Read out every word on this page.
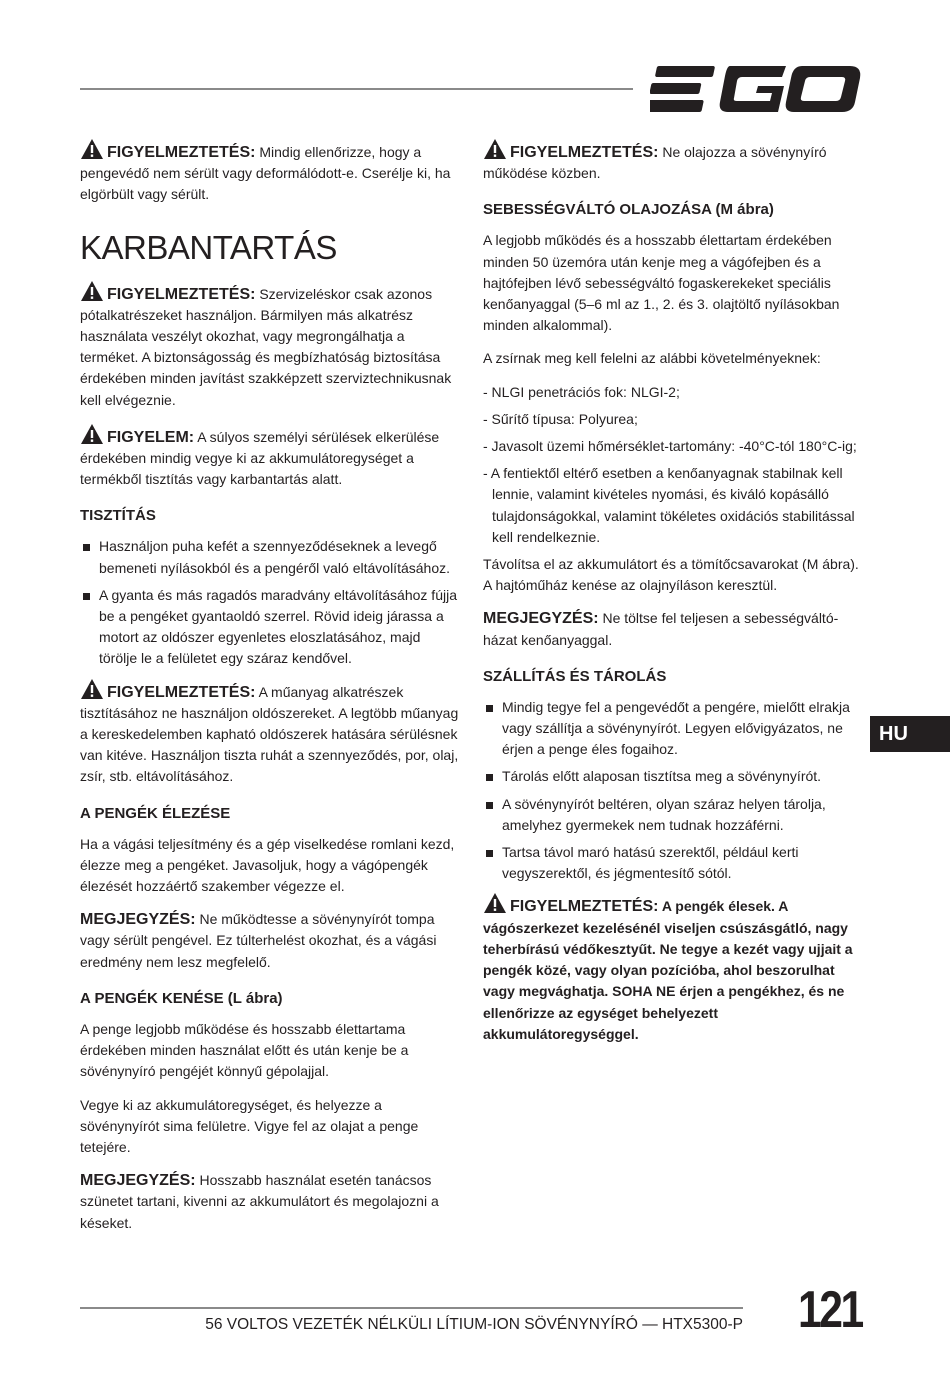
FIGYELMEZTETÉS: Mindig ellenőrizze, hogy a pengevédő nem sérült vagy deformálódott-e. Cserélje ki, ha elgörbült vagy sérült.

KARBANTARTÁS

FIGYELMEZTETÉS: Szervizeléskor csak azonos pótalkatrészeket használjon. Bármilyen más alkatrész használata veszélyt okozhat, vagy megrongálhatja a terméket. A biztonságosság és megbízhatóság biztosítása érdekében minden javítást szakképzett szerviztechnikusnak kell elvégeznie.

FIGYELEM: A súlyos személyi sérülések elkerülése érdekében mindig vegye ki az akkumulátoregységet a termékből tisztítás vagy karbantartás alatt.

TISZTÍTÁS
Használjon puha kefét a szennyeződéseknek a levegő bemeneti nyílásokból és a pengéről való eltávolításához.
A gyanta és más ragadós maradvány eltávolításához fújja be a pengéket gyantaoldó szerrel. Rövid ideig járassa a motort az oldószer egyenletes eloszlatásához, majd törölje le a felületet egy száraz kendővel.

FIGYELMEZTETÉS: A műanyag alkatrészek tisztításához ne használjon oldószereket. A legtöbb műanyag a kereskedelemben kapható oldószerek hatására sérülésnek van kitéve. Használjon tiszta ruhát a szennyeződés, por, olaj, zsír, stb. eltávolításához.

A PENGÉK ÉLEZÉSE

Ha a vágási teljesítmény és a gép viselkedése romlani kezd, élezze meg a pengéket. Javasoljuk, hogy a vágópengék élezését hozzáértő szakember végezze el.

MEGJEGYZÉS: Ne működtesse a sövénynyírót tompa vagy sérült pengével. Ez túlterhelést okozhat, és a vágási eredmény nem lesz megfelelő.

A PENGÉK KENÉSE (L ábra)

A penge legjobb működése és hosszabb élettartama érdekében minden használat előtt és után kenje be a sövénynyíró pengéjét könnyű gépolajjal.

Vegye ki az akkumulátoregységet, és helyezze a sövénynyírót sima felületre. Vigye fel az olajat a penge tetejére.

MEGJEGYZÉS: Hosszabb használat esetén tanácsos szünetet tartani, kivenni az akkumulátort és megolajozni a késeket.

FIGYELMEZTETÉS: Ne olajozza a sövénynyíró működése közben.

SEBESSÉGVÁLTÓ OLAJOZÁSA (M ábra)

A legjobb működés és a hosszabb élettartam érdekében minden 50 üzemóra után kenje meg a vágófejben és a hajtófejben lévő sebességváltó fogaskerekeket speciális kenőanyaggal (5–6 ml az 1., 2. és 3. olajtöltő nyílásokban minden alkalommal).

A zsírnak meg kell felelni az alábbi követelményeknek:

- NLGI penetrációs fok: NLGI-2;
- Sűrítő típusa: Polyurea;
- Javasolt üzemi hőmérséklet-tartomány: -40°C-tól 180°C-ig;
- A fentiektől eltérő esetben a kenőanyagnak stabilnak kell lennie, valamint kivételes nyomási, és kiváló kopásálló tulajdonságokkal, valamint tökéletes oxidációs stabilitással kell rendelkeznie.

Távolítsa el az akkumulátort és a tömítőcsavarokat (M ábra). A hajtóműház kenése az olajnyíláson keresztül.

MEGJEGYZÉS: Ne töltse fel teljesen a sebességváltó-házat kenőanyaggal.

SZÁLLÍTÁS ÉS TÁROLÁS
Mindig tegye fel a pengevédőt a pengére, mielőtt elrakja vagy szállítja a sövénynyírót. Legyen elővigyázatos, ne érjen a penge éles fogaihoz.
Tárolás előtt alaposan tisztítsa meg a sövénynyírót.
A sövénynyírót beltéren, olyan száraz helyen tárolja, amelyhez gyermekek nem tudnak hozzáférni.
Tartsa távol maró hatású szerektől, például kerti vegyszerektől, és jégmentesítő sótól.

FIGYELMEZTETÉS: A pengék élesek. A vágószerkezet kezelésénél viseljen csúszásgátló, nagy teherbírású védőkesztyűt. Ne tegye a kezét vagy ujjait a pengék közé, vagy olyan pozícióba, ahol beszorulhat vagy megvághatja. SOHA NE érjen a pengékhez, és ne ellenőrizze az egységet behelyezett akkumulátoregységgel.

HU
56 VOLTOS VEZETÉK NÉLKÜLI LÍTIUM-ION SÖVÉNYNYÍRÓ — HTX5300-P 121
